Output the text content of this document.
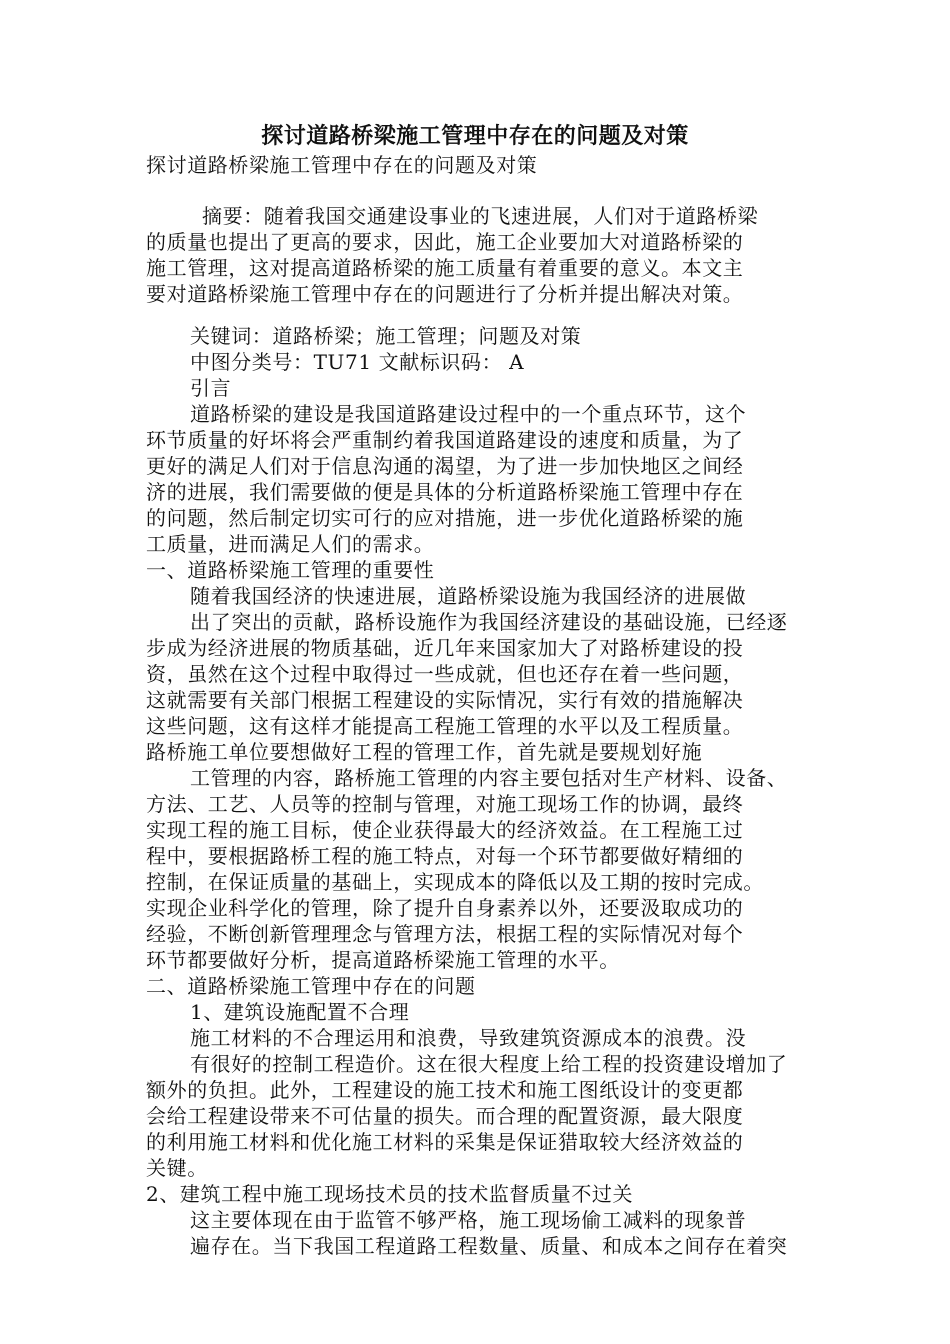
探讨道路桥梁施工管理中存在的问题及对策
探讨道路桥梁施工管理中存在的问题及对策
摘要：随着我国交通建设事业的飞速进展，人们对于道路桥梁
的质量也提出了更高的要求，因此，施工企业要加大对道路桥梁的
施工管理，这对提高道路桥梁的施工质量有着重要的意义。本文主
要对道路桥梁施工管理中存在的问题进行了分析并提出解决对策。
关键词：道路桥梁；施工管理；问题及对策
中图分类号：TU71 文献标识码： A
引言
道路桥梁的建设是我国道路建设过程中的一个重点环节，这个
环节质量的好坏将会严重制约着我国道路建设的速度和质量，为了
更好的满足人们对于信息沟通的渴望，为了进一步加快地区之间经
济的进展，我们需要做的便是具体的分析道路桥梁施工管理中存在
的问题，然后制定切实可行的应对措施，进一步优化道路桥梁的施
工质量，进而满足人们的需求。
一、道路桥梁施工管理的重要性
随着我国经济的快速进展，道路桥梁设施为我国经济的进展做
出了突出的贡献，路桥设施作为我国经济建设的基础设施，已经逐
步成为经济进展的物质基础，近几年来国家加大了对路桥建设的投
资，虽然在这个过程中取得过一些成就，但也还存在着一些问题，
这就需要有关部门根据工程建设的实际情况，实行有效的措施解决
这些问题，这有这样才能提高工程施工管理的水平以及工程质量。
路桥施工单位要想做好工程的管理工作，首先就是要规划好施
工管理的内容，路桥施工管理的内容主要包括对生产材料、设备、
方法、工艺、人员等的控制与管理，对施工现场工作的协调，最终
实现工程的施工目标，使企业获得最大的经济效益。在工程施工过
程中，要根据路桥工程的施工特点，对每一个环节都要做好精细的
控制，在保证质量的基础上，实现成本的降低以及工期的按时完成。
实现企业科学化的管理，除了提升自身素养以外，还要汲取成功的
经验，不断创新管理理念与管理方法，根据工程的实际情况对每个
环节都要做好分析，提高道路桥梁施工管理的水平。
二、道路桥梁施工管理中存在的问题
1、建筑设施配置不合理
施工材料的不合理运用和浪费，导致建筑资源成本的浪费。没
有很好的控制工程造价。这在很大程度上给工程的投资建设增加了
额外的负担。此外，工程建设的施工技术和施工图纸设计的变更都
会给工程建设带来不可估量的损失。而合理的配置资源，最大限度
的利用施工材料和优化施工材料的采集是保证猎取较大经济效益的
关键。
2、建筑工程中施工现场技术员的技术监督质量不过关
这主要体现在由于监管不够严格，施工现场偷工减料的现象普
遍存在。当下我国工程道路工程数量、质量、和成本之间存在着突
